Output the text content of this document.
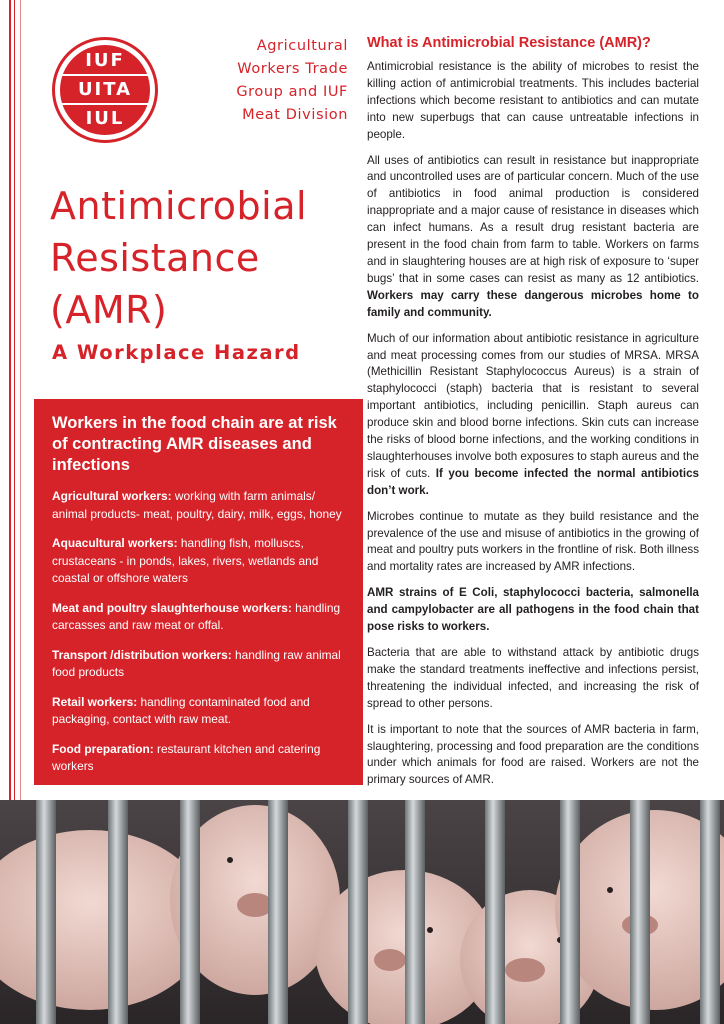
IUF
UITA
IUL
Agricultural
Workers Trade
Group and IUF
Meat Division
Antimicrobial
Resistance
(AMR)
A Workplace Hazard
Workers in the food chain are at risk of contracting AMR diseases and infections
Agricultural workers: working with farm animals/ animal products- meat, poultry, dairy, milk, eggs, honey
Aquacultural workers: handling fish, molluscs, crustaceans - in ponds, lakes, rivers, wetlands and coastal or offshore waters
Meat and poultry slaughterhouse workers: handling carcasses and raw meat or offal.
Transport /distribution workers: handling raw animal food products
Retail workers: handling contaminated food and packaging, contact with raw meat.
Food preparation: restaurant kitchen and catering workers
What is Antimicrobial Resistance (AMR)?

Antimicrobial resistance is the ability of microbes to resist the killing action of antimicrobial treatments. This includes bacterial infections which become resistant to antibiotics and can mutate into new superbugs that can cause untreatable infections in people.

All uses of antibiotics can result in resistance but inappropriate and uncontrolled uses are of particular concern. Much of the use of antibiotics in food animal production is considered inappropriate and a major cause of resistance in diseases which can infect humans. As a result drug resistant bacteria are present in the food chain from farm to table. Workers on farms and in slaughtering houses are at high risk of exposure to ‘super bugs’ that in some cases can resist as many as 12 antibiotics. Workers may carry these dangerous microbes home to family and community.

Much of our information about antibiotic resistance in agriculture and meat processing comes from our studies of MRSA. MRSA (Methicillin Resistant Staphylococcus Aureus) is a strain of staphylococci (staph) bacteria that is resistant to several important antibiotics, including penicillin. Staph aureus can produce skin and blood borne infections. Skin cuts can increase the risks of blood borne infections, and the working conditions in slaughterhouses involve both exposures to staph aureus and the risk of cuts. If you become infected the normal antibiotics don’t work.

Microbes continue to mutate as they build resistance and the prevalence of the use and misuse of antibiotics in the growing of meat and poultry puts workers in the frontline of risk. Both illness and mortality rates are increased by AMR infections.

AMR strains of E Coli, staphylococci bacteria, salmonella and campylobacter are all pathogens in the food chain that pose risks to workers.

Bacteria that are able to withstand attack by antibiotic drugs make the standard treatments ineffective and infections persist, threatening the individual infected, and increasing the risk of spread to other persons.

It is important to note that the sources of AMR bacteria in farm, slaughtering, processing and food preparation are the conditions under which animals for food are raised. Workers are not the primary sources of AMR.
